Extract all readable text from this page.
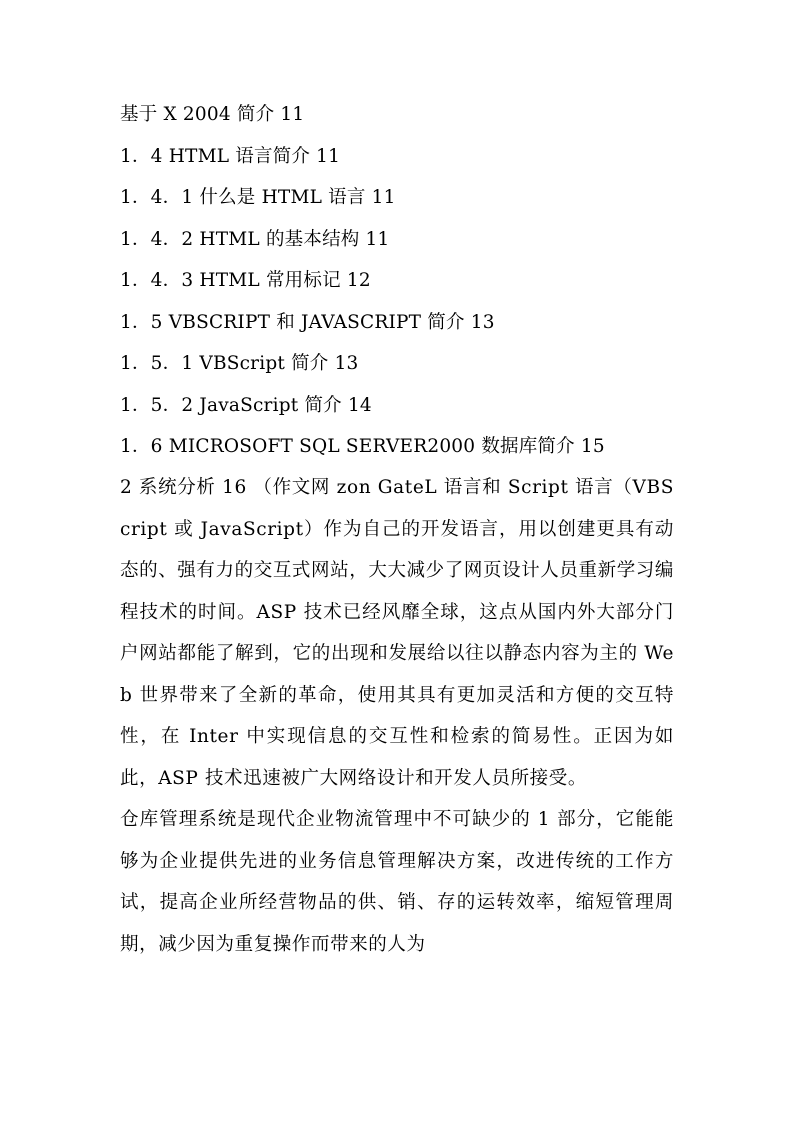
基于 X 2004 简介 11
1．4 HTML 语言简介 11
1．4．1 什么是 HTML 语言 11
1．4．2 HTML 的基本结构 11
1．4．3 HTML 常用标记 12
1．5 VBSCRIPT 和 JAVASCRIPT 简介 13
1．5．1 VBScript 简介 13
1．5．2 JavaScript 简介 14
1．6 MICROSOFT SQL SERVER2000 数据库简介 15

2 系统分析 16 （作文网 zon GateL 语言和 Script 语言（VBScript 或 JavaScript）作为自己的开发语言，用以创建更具有动态的、强有力的交互式网站，大大减少了网页设计人员重新学习编程技术的时间。ASP 技术已经风靡全球，这点从国内外大部分门户网站都能了解到，它的出现和发展给以往以静态内容为主的 Web 世界带来了全新的革命，使用其具有更加灵活和方便的交互特性，在 Inter 中实现信息的交互性和检索的简易性。正因为如此，ASP 技术迅速被广大网络设计和开发人员所接受。

仓库管理系统是现代企业物流管理中不可缺少的 1 部分，它能能够为企业提供先进的业务信息管理解决方案，改进传统的工作方试，提高企业所经营物品的供、销、存的运转效率，缩短管理周期，减少因为重复操作而带来的人为
